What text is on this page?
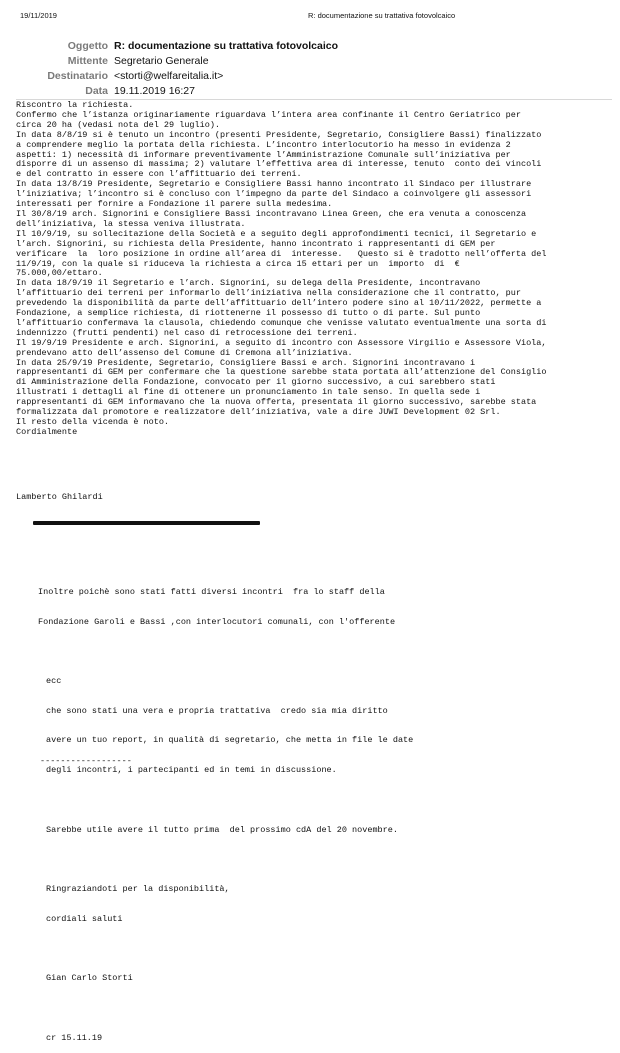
19/11/2019	R: documentazione su trattativa fotovolcaico
Oggetto R: documentazione su trattativa fotovolcaico
Mittente Segretario Generale
Destinatario <storti@welfareitalia.it>
Data 19.11.2019 16:27
Riscontro la richiesta.
Confermo che l’istanza originariamente riguardava l’intera area confinante il Centro Geriatrico per
circa 20 ha (vedasi nota del 29 luglio).
In data 8/8/19 si è tenuto un incontro (presenti Presidente, Segretario, Consigliere Bassi) finalizzato
a comprendere meglio la portata della richiesta. L’incontro interlocutorio ha messo in evidenza 2
aspetti: 1) necessità di informare preventivamente l’Amministrazione Comunale sull’iniziativa per
disporre di un assenso di massima; 2) valutare l’effettiva area di interesse, tenuto  conto dei vincoli
e del contratto in essere con l’affittuario dei terreni.
In data 13/8/19 Presidente, Segretario e Consigliere Bassi hanno incontrato il Sindaco per illustrare
l’iniziativa; l’incontro si è concluso con l’impegno da parte del Sindaco a coinvolgere gli assessori
interessati per fornire a Fondazione il parere sulla medesima.
Il 30/8/19 arch. Signorini e Consigliere Bassi incontravano Linea Green, che era venuta a conoscenza
dell’iniziativa, la stessa veniva illustrata.
Il 10/9/19, su sollecitazione della Società e a seguito degli approfondimenti tecnici, il Segretario e
l’arch. Signorini, su richiesta della Presidente, hanno incontrato i rappresentanti di GEM per
verificare  la  loro posizione in ordine all’area di  interesse.   Questo si è tradotto nell’offerta del
11/9/19, con la quale si riduceva la richiesta a circa 15 ettari per un  importo  di  €
75.000,00/ettaro.
In data 18/9/19 il Segretario e l’arch. Signorini, su delega della Presidente, incontravano
l’affittuario dei terreni per informarlo dell’iniziativa nella considerazione che il contratto, pur
prevedendo la disponibilità da parte dell’affittuario dell’intero podere sino al 10/11/2022, permette a
Fondazione, a semplice richiesta, di riottenerne il possesso di tutto o di parte. Sul punto
l’affittuario confermava la clausola, chiedendo comunque che venisse valutato eventualmente una sorta di
indennizzo (frutti pendenti) nel caso di retrocessione dei terreni.
Il 19/9/19 Presidente e arch. Signorini, a seguito di incontro con Assessore Virgilio e Assessore Viola,
prendevano atto dell’assenso del Comune di Cremona all’iniziativa.
In data 25/9/19 Presidente, Segretario, Consigliere Bassi e arch. Signorini incontravano i
rappresentanti di GEM per confermare che la questione sarebbe stata portata all’attenzione del Consiglio
di Amministrazione della Fondazione, convocato per il giorno successivo, a cui sarebbero stati
illustrati i dettagli al fine di ottenere un pronunciamento in tale senso. In quella sede i
rappresentanti di GEM informavano che la nuova offerta, presentata il giorno successivo, sarebbe stata
formalizzata dal promotore e realizzatore dell’iniziativa, vale a dire JUWI Development 02 Srl.
Il resto della vicenda è noto.
Cordialmente
Lamberto Ghilardi

Inoltre poichè sono stati fatti diversi incontri  fra lo staff della

Fondazione Garoli e Bassi ,con interlocutori comunali, con l'offerente

ecc

che sono stati una vera e propria trattativa  credo sia mia diritto

avere un tuo report, in qualità di segretario, che metta in file le date

degli incontri, i partecipanti ed in temi in discussione.

Sarebbe utile avere il tutto prima  del prossimo cdA del 20 novembre.

Ringraziandoti per la disponibilità,

cordiali saluti

Gian Carlo Storti

cr 15.11.19

------------------
